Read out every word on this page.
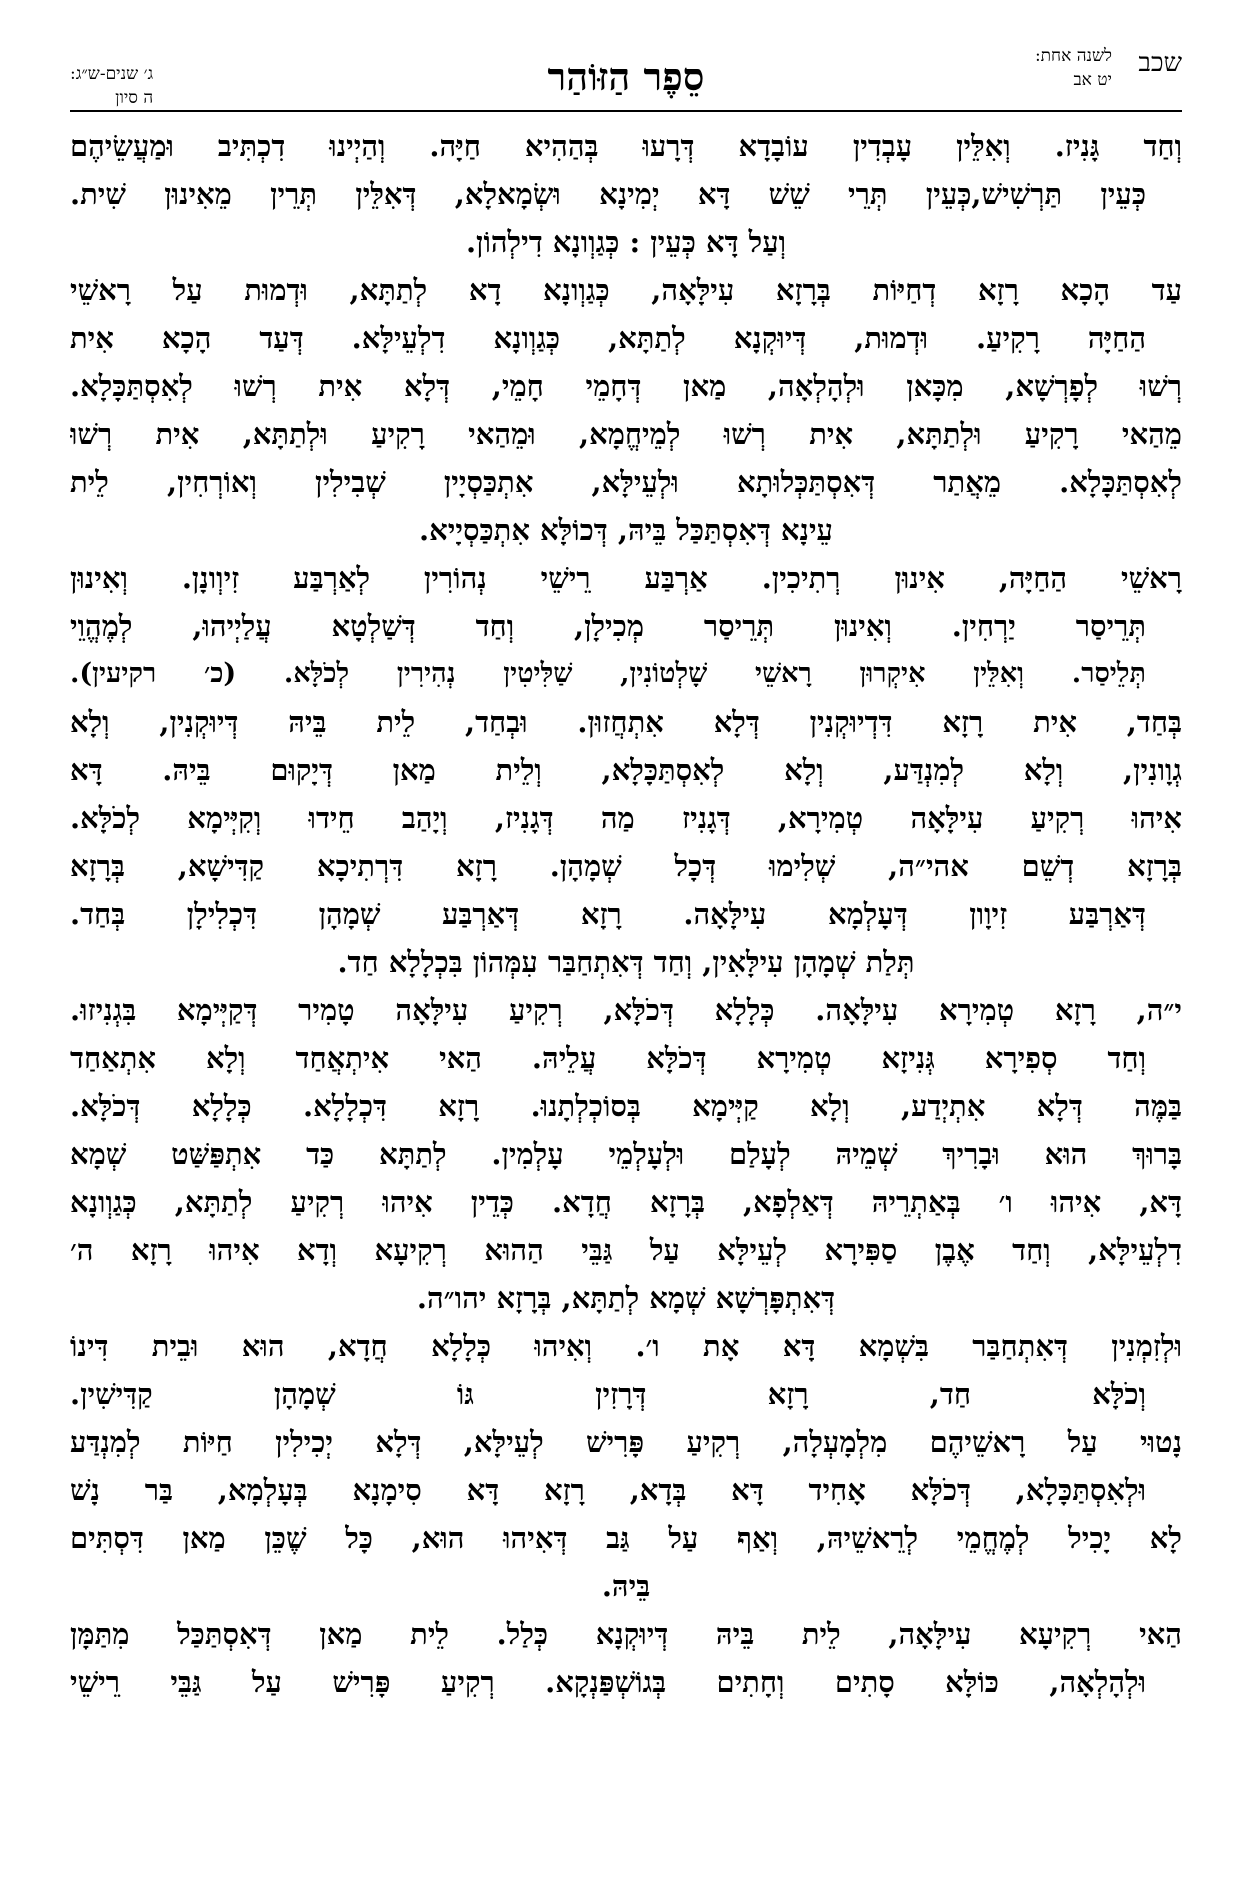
שכב
לשנה אחת:
יט אב
סֵפֶר הַזּוֹהַר
ג׳ שנים-ש״ג:
ה סיון
וְחַד גָּנִיז. וְאִלֵּין עָבְדִין עוֹבָדָא דְּרָעוּ בְּהַהִיא חַיָּה. וְהַיְינוּ דִכְתִּיב וּמַעֲשֵׂיהֶם
כְּעֵין תַּרְשִׁישׁ,כְּעֵין תְּרֵי שֵׁשׁ דָּא יְמִינָא וּשְׂמָאלָא, דְּאִלֵּין תְּרֵין מֵאִינוּן שִׁית.
וְעַל דָּא כְּעֵין : כְּגַוְונָא דִילְהוֹן.
עַד הָכָא רָזָא דְחַיּוֹת בְּרָזָא עִילָּאָה, כְּגַוְונָא דָא לְתַתָּא, וּדְמוּת עַל רָאשֵׁי
הַחַיָּה רָקִיעַ. וּדְמוּת, דְּיוּקְנָא לְתַתָּא, כְּגַוְונָא דִלְעֵילָּא. דְּעַד הָכָא אִית
רְשׁוּ לְפָרְשָׁא, מִכָּאן וּלְהָלְאָה, מַאן דְּחָמֵי חָמֵי, דְּלָא אִית רְשׁוּ לְאִסְתַּכָּלָא.
מֵהַאי רָקִיעַ וּלְתַתָּא, אִית רְשׁוּ לְמֵיחֱמָא, וּמֵהַאי רָקִיעַ וּלְתַתָּא, אִית רְשׁוּ
לְאִסְתַּכָּלָא. מֵאֲתַר דְּאִסְתַּכְּלוּתָא וּלְעֵילָּא, אִתְכַּסְיָין שְׁבִילִין וְאוֹרְחִין, לֵית
עֵינָא דְּאִסְתַּכַּל בֵּיהּ, דְּכוֹלָּא אִתְכַּסְיָיא.
רָאשֵׁי הַחַיָּה, אִינוּן רְתִיכִין. אַרְבַּע רֵישֵׁי נְהוֹרִין לְאַרְבַּע זִיוְונָן. וְאִינוּן
תְּרֵיסַר יַרְחִין. וְאִינוּן תְּרֵיסַר מְכִילָן, וְחַד דְּשַׁלְטָא עֲלַיְיהוּ, לְמֶהֱוֵי
תְּלֵיסַר. וְאִלֵּין אִיקְרוּן רָאשֵׁי שָׁלְטוֹנִין, שַׁלִּיטִין נְהִירִין לְכֹלָּא. (כ׳ רקיעין).
בְּחַד, אִית רָזָא דִּדְיוּקְנִין דְּלָא אִתְחֲזוּן. וּבְחַד, לֵית בֵּיהּ דְּיוּקְנִין, וְלָא
גְוָונִין, וְלָא לְמִנְדַּע, וְלָא לְאִסְתַּכָּלָא, וְלֵית מַאן דְּיָקוּם בֵּיהּ. דָּא
אִיהוּ רְקִיעַ עִילָּאָה טְמִירָא, דְּגָנִיז מַה דְּגָנִיז, וְיָהַב חֵידוּ וְקִיְּימָא לְכֹלָּא.
בְּרָזָא דְשֵׁם אהי״ה, שְׁלִימוּ דְּכָל שְׁמָהָן. רָזָא דִּרְתִיכָא קַדִּישָׁא, בְּרָזָא
דְּאַרְבַּע זִיוָון דְּעָלְמָא עִילָּאָה. רָזָא דְּאַרְבַּע שְׁמָהָן דִּכְלִילָן בְּחַד.
תְּלַת שְׁמָהָן עִילָּאִין, וְחַד דְּאִתְחַבַּר עִמְּהוֹן בִּכְלָלָא חַד.
י״ה, רָזָא טְמִירָא עִילָּאָה. כְּלָלָא דְּכֹלָּא, רְקִיעַ עִילָּאָה טָמִיר דְּקַיְּימָא בִּגְנִיזוּ.
וְחַד סְפִירָא גְּנִיזָא טְמִירָא דְּכֹלָּא עֲלֵיהּ. הַאי אִיתְאֲחַד וְלָא אִתְאַחַד
בַּמֶּה דְּלָא אִתְיְדַע, וְלָא קַיְּימָא בְּסוֹכְלְתָנוּ. רָזָא דִּכְלָלָא. כְּלָלָא דְּכֹלָּא.
בָּרוּךְ הוּא וּבָרִיךְ שְׁמֵיהּ לְעָלַם וּלְעָלְמֵי עָלְמִין. לְתַתָּא כַּד אִתְפַּשַּׁט שְׁמָא
דָּא, אִיהוּ ו׳ בְּאַתְרֵיהּ דְּאַלְפָא, בְּרָזָא חֲדָא. כְּדֵין אִיהוּ רְקִיעַ לְתַתָּא, כְּגַוְונָא
דִלְעֵילָּא, וְחַד אֶבֶן סַפִּירָא לְעֵילָּא עַל גַּבֵּי הַהוּא רְקִיעָא וְדָא אִיהוּ רָזָא ה׳
דְּאִתְפָּרְשָׁא שְׁמָא לְתַתָּא, בְּרָזָא יהו״ה.
וּלְזִמְנִין דְּאִתְחַבַּר בִּשְׁמָא דָּא אָת ו׳. וְאִיהוּ כְּלָלָא חֲדָא, הוּא וּבֵית דִּינוֹ
וְכֹלָּא חַד, רָזָא דְּרָזִין גּוֹ שְׁמָהָן קַדִּישִׁין.
נָטוּי עַל רָאשֵׁיהֶם מִלְמָעְלָה, רְקִיעַ פָּרִישׁ לְעֵילָּא, דְּלָא יְכִילִין חַיּוֹת לְמִנְדַּע
וּלְאִסְתַּכָּלָא, דְּכֹלָּא אָחִיד דָּא בְּדָא, רָזָא דָּא סִימָנָא בְּעָלְמָא, בַּר נָשׁ
לָא יָכִיל לְמֶחֱמֵי לְרֵאשֵׁיהּ, וְאַף עַל גַּב דְּאִיהוּ הוּא, כָּל שֶׁכֵּן מַאן דִּסְתִּים
בֵּיהּ.
הַאי רְקִיעָא עִילָּאָה, לֵית בֵּיהּ דְּיוּקְנָא כְּלַל. לֵית מַאן דְּאִסְתַּכַּל מִתַּמָּן
וּלְהָלְאָה, כּוֹלָּא סָתִים וְחָתִים בְּגוֹשְׁפַּנְקָא. רְקִיעַ פָּרִישׁ עַל גַּבֵּי רֵישֵׁי
